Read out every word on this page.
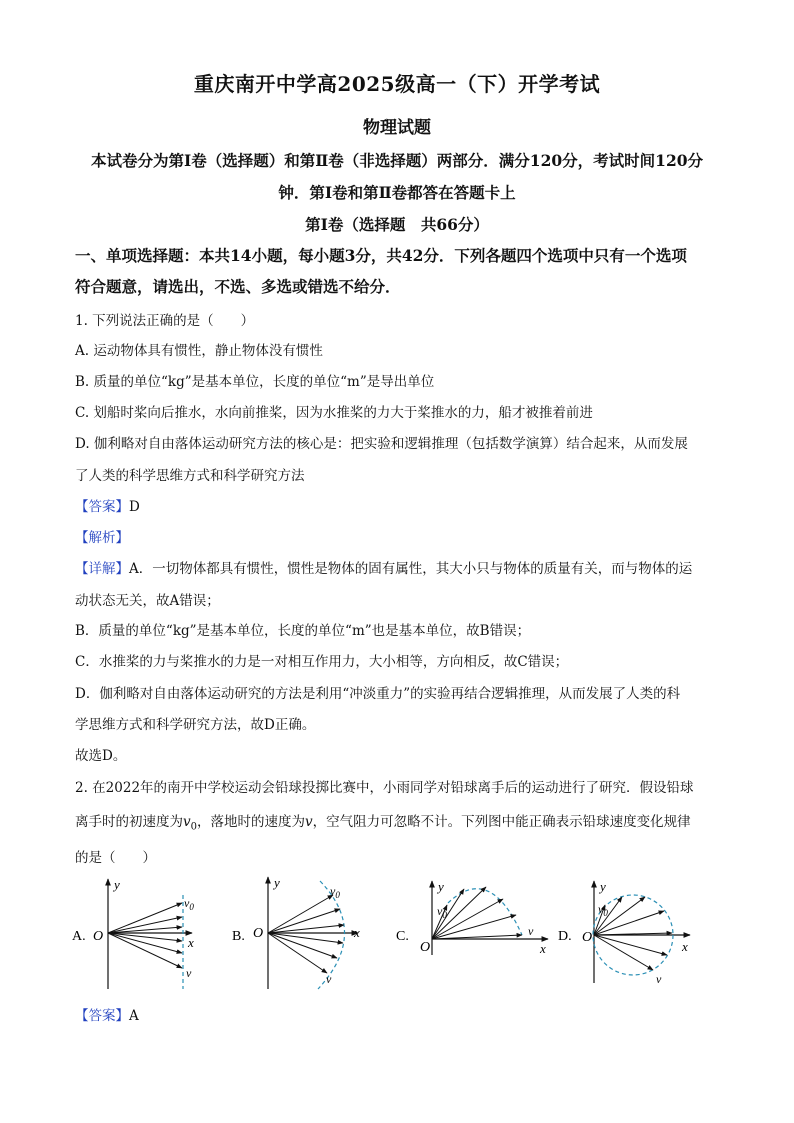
重庆南开中学高2025级高一（下）开学考试
物理试题
本试卷分为第Ⅰ卷（选择题）和第Ⅱ卷（非选择题）两部分．满分120分，考试时间120分
钟．第Ⅰ卷和第Ⅱ卷都答在答题卡上
第Ⅰ卷（选择题　共66分）
一、单项选择题：本共14小题，每小题3分，共42分．下列各题四个选项中只有一个选项
符合题意，请选出，不选、多选或错选不给分．
1. 下列说法正确的是（　　）
A. 运动物体具有惯性，静止物体没有惯性
B. 质量的单位“kg”是基本单位，长度的单位“m”是导出单位
C. 划船时桨向后推水，水向前推桨，因为水推桨的力大于桨推水的力，船才被推着前进
D. 伽利略对自由落体运动研究方法的核心是：把实验和逻辑推理（包括数学演算）结合起来，从而发展
了人类的科学思维方式和科学研究方法
【答案】D
【解析】
【详解】A．一切物体都具有惯性，惯性是物体的固有属性，其大小只与物体的质量有关，而与物体的运
动状态无关，故A错误；
B．质量的单位“kg”是基本单位，长度的单位“m”也是基本单位，故B错误；
C．水推桨的力与桨推水的力是一对相互作用力，大小相等，方向相反，故C错误；
D．伽利略对自由落体运动研究的方法是利用“冲淡重力”的实验再结合逻辑推理，从而发展了人类的科
学思维方式和科学研究方法，故D正确。
故选D。
2. 在2022年的南开中学校运动会铅球投掷比赛中，小雨同学对铅球离手后的运动进行了研究．假设铅球
离手时的初速度为$v_0$，落地时的速度为v，空气阻力可忽略不计。下列图中能正确表示铅球速度变化规律
的是（　　）
A. O
y
x
$v_0$
v
B. O
y
x
$v_0$
v
C.
O
y
x
$v_0$
v D. O
y
x
$v_0$
v
【答案】A
